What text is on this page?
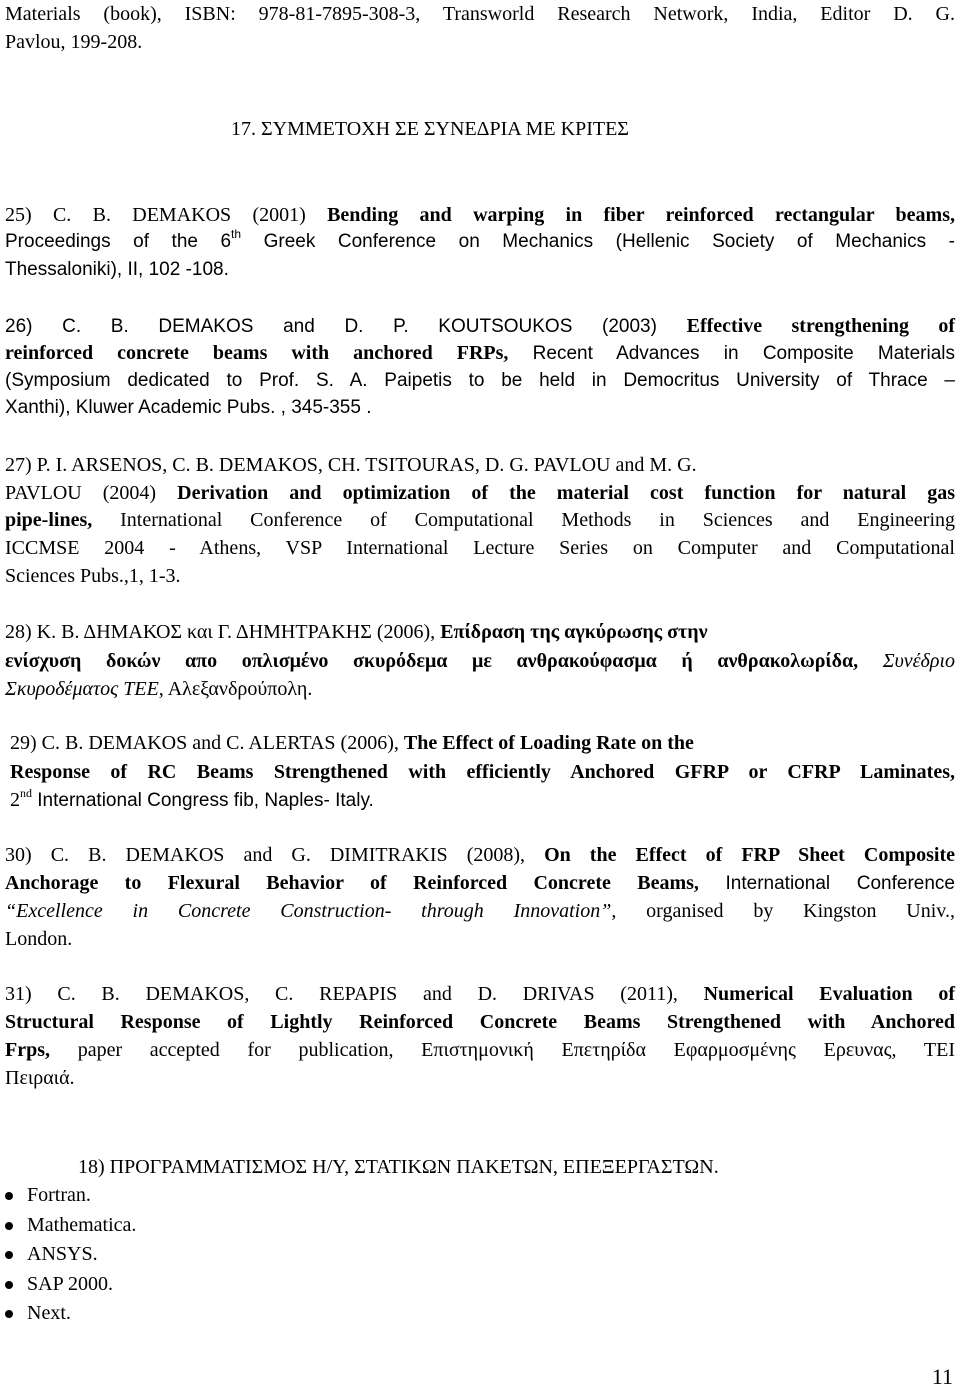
Materials (book), ISBN: 978-81-7895-308-3, Transworld Research Network, India, Editor D. G.
Pavlou, 199-208.
17. ΣΥΜΜΕΤΟΧΗ ΣΕ ΣΥΝΕΔΡΙΑ ΜΕ ΚΡΙΤΕΣ
25) C. B. DEMAKOS (2001) Bending and warping in fiber reinforced rectangular beams,
Proceedings of the 6th Greek Conference on Mechanics (Hellenic Society of Mechanics -
Thessaloniki), II, 102 -108.
26) C. B. DEMAKOS and D. P. KOUTSOUKOS (2003) Effective strengthening of
reinforced concrete beams with anchored FRPs, Recent Advances in Composite Materials
(Symposium dedicated to Prof. S. A. Paipetis to be held in Democritus University of Thrace –
Xanthi), Kluwer Academic Pubs. , 345-355 .
27) P. I. ARSENOS, C. B. DEMAKOS, CH. TSITOURAS, D. G. PAVLOU and M. G.
PAVLOU (2004) Derivation and optimization of the material cost function for natural gas
pipe-lines, International Conference of Computational Methods in Sciences and Engineering
ICCMSE 2004 - Athens, VSP International Lecture Series on Computer and Computational
Sciences Pubs.,1, 1-3.
28) Κ. Β. ΔΗΜΑΚΟΣ και Γ. ΔΗΜΗΤΡΑΚΗΣ (2006), Επίδραση της αγκύρωσης στην
ενίσχυση δοκών απο οπλισμένο σκυρόδεμα με ανθρακούφασμα ή ανθρακολωρίδα, Συνέδριο
Σκυροδέματος ΤΕΕ, Αλεξανδρούπολη.
29) C. B. DEMAKOS and C. ALERTAS (2006), The Effect of Loading Rate on the
Response of RC Beams Strengthened with efficiently Anchored GFRP or CFRP Laminates,
2nd International Congress fib, Naples- Italy.
30) C. B. DEMAKOS and G. DIMITRAKIS (2008), On the Effect of FRP Sheet Composite
Anchorage to Flexural Behavior of Reinforced Concrete Beams, International Conference
“Excellence in Concrete Construction- through Innovation”, organised by Kingston Univ.,
London.
31) C. B. DEMAKOS, C. REPAPIS and D. DRIVAS (2011), Numerical Evaluation of
Structural Response of Lightly Reinforced Concrete Beams Strengthened with Anchored
Frps, paper accepted for publication, Επιστημονική Επετηρίδα Εφαρμοσμένης Ερευνας, ΤΕΙ
Πειραιά.
18) ΠΡΟΓΡΑΜΜΑΤΙΣΜΟΣ Η/Υ, ΣΤΑΤΙΚΩΝ ΠΑΚΕΤΩΝ, ΕΠΕΞΕΡΓΑΣΤΩΝ.
Fortran.
Mathematica.
ANSYS.
SAP 2000.
Next.
11
